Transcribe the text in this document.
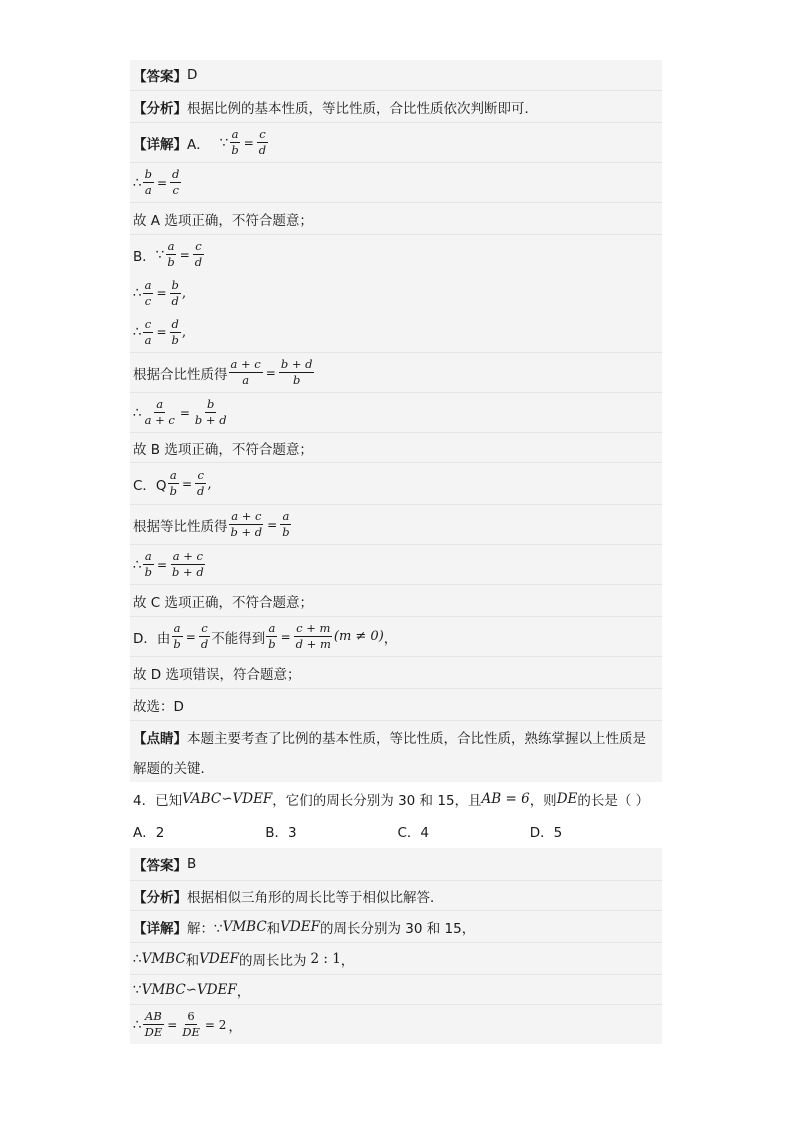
【答案】 D
【分析】 根据比例的基本性质，等比性质，合比性质依次判断即可．
【详解】 A． ∵ $\frac{a}{b} = \frac{c}{d}$
∴ $\frac{b}{a} = \frac{d}{c}$
故 A 选项正确，不符合题意；
B． ∵ $\frac{a}{b} = \frac{c}{d}$
∴ $\frac{a}{c} = \frac{b}{d}$ ,
∴ $\frac{c}{a} = \frac{d}{b}$ ,
根据合比性质得 $\frac{a + c}{a} = \frac{b + d}{b}$
∴ $\frac{a}{a + c} = \frac{b}{b + d}$
故 B 选项正确，不符合题意；
C．Q $\frac{a}{b} = \frac{c}{d}$ ,
根据等比性质得 $\frac{a + c}{b + d} = \frac{a}{b}$
∴ $\frac{a}{b} = \frac{a + c}{b + d}$
故 C 选项正确，不符合题意；
D．由 $\frac{a}{b} = \frac{c}{d}$ 不能得到 $\frac{a}{b} = \frac{c + m}{d + m} (m \ne 0)$ ，
故 D 选项错误，符合题意；
故选：D
【点睛】 本题主要考查了比例的基本性质，等比性质，合比性质，熟练掌握以上性质是
解题的关键．
4．已知 VABC ∽ VDEF ，它们的周长分别为 30 和 15，且 AB = 6 ，则 DE 的长是（ ）
A．2	B．3	C．4	D．5
【答案】 B
【分析】 根据相似三角形的周长比等于相似比解答．
【详解】 解：∵ VMBC 和 VDEF 的周长分别为 30 和 15，
∴ VMBC 和 VDEF 的周长比为 2 : 1 ，
∵ VMBC ∽ VDEF ，
∴ $\frac{AB}{DE} = \frac{6}{DE} = 2$ ，
